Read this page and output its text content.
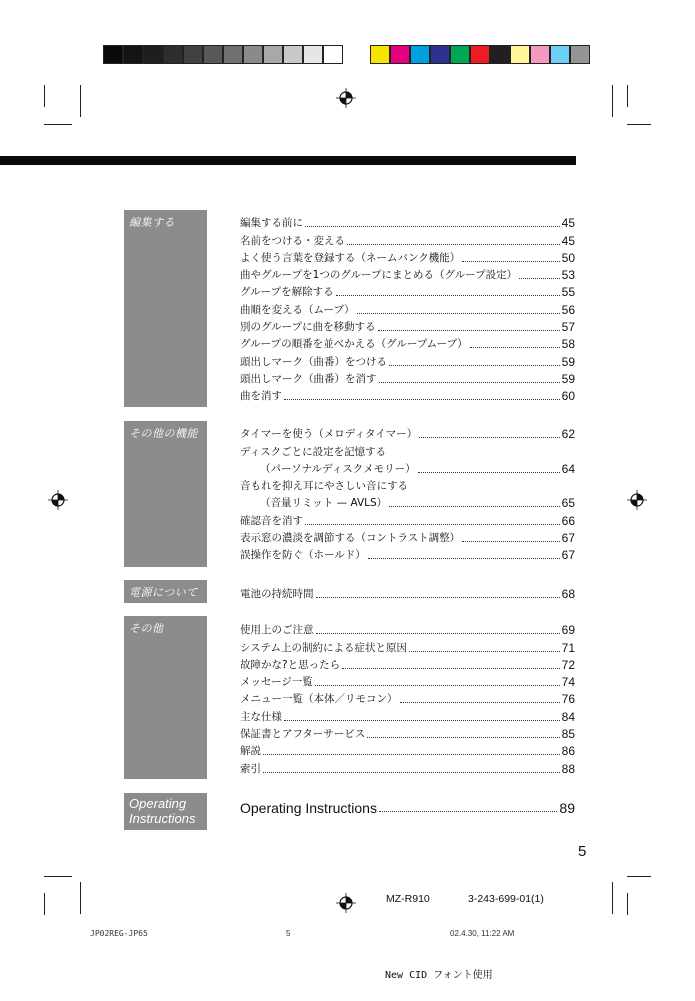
編集する	編集する前に	45
名前をつける・変える	45
よく使う言葉を登録する（ネームバンク機能）	50
曲やグループを1つのグループにまとめる（グループ設定）	53
グループを解除する	55
曲順を変える（ムーブ）	56
別のグループに曲を移動する	57
グループの順番を並べかえる（グループムーブ）	58
頭出しマーク（曲番）をつける	59
頭出しマーク（曲番）を消す	59
曲を消す	60
その他の機能	タイマーを使う（メロディタイマー）	62
ディスクごとに設定を記憶する
（パーソナルディスクメモリー）	64
音もれを抑え耳にやさしい音にする
（音量リミット — AVLS）	65
確認音を消す	66
表示窓の濃淡を調節する（コントラスト調整）	67
誤操作を防ぐ（ホールド）	67
電源について	電池の持続時間	68
その他	使用上のご注意	69
システム上の制約による症状と原因	71
故障かな?と思ったら	72
メッセージ一覧	74
メニュー一覧（本体／リモコン）	76
主な仕様	84
保証書とアフターサービス	85
解説	86
索引	88
Operating Instructions
Operating Instructions	89
5
MZ-R910	3-243-699-01(1)
JP02REG-JP65	5	02.4.30, 11:22 AM
New CID フォント使用
